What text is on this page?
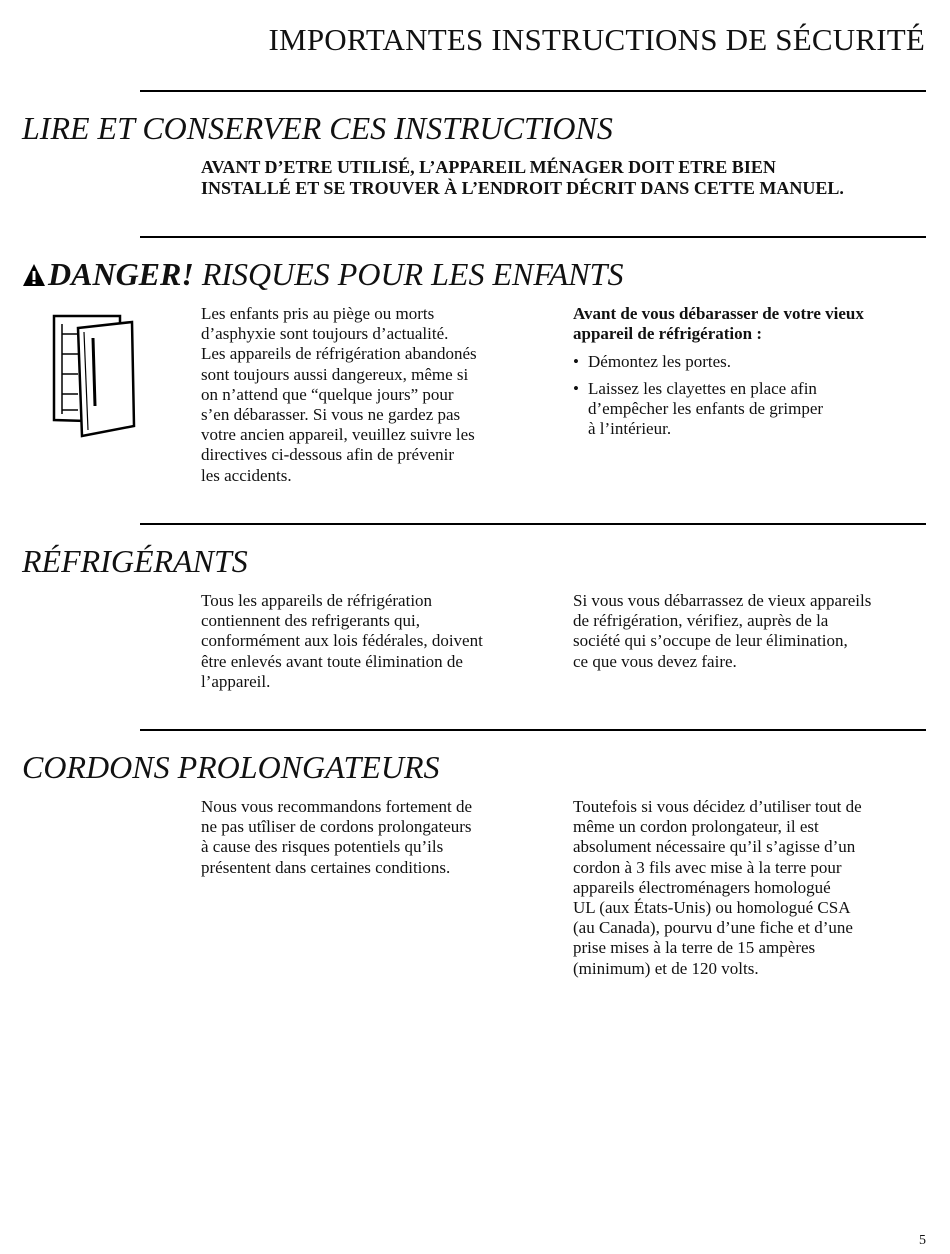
IMPORTANTES INSTRUCTIONS DE SÉCURITÉ
LIRE ET CONSERVER CES INSTRUCTIONS
AVANT D’ETRE UTILISÉ, L’APPAREIL MÉNAGER DOIT ETRE BIEN
INSTALLÉ ET SE TROUVER À L’ENDROIT DÉCRIT DANS CETTE MANUEL.
DANGER! RISQUES POUR LES ENFANTS

Les enfants pris au piège ou morts

d’asphyxie sont toujours d’actualité.

Les appareils de réfrigération abandonés

sont toujours aussi dangereux, même si

on n’attend que “quelque jours” pour

s’en débarasser. Si vous ne gardez pas

votre ancien appareil, veuillez suivre les

directives ci-dessous afin de prévenir

les accidents.

Avant de vous débarasser de votre vieux

appareil de réfrigération :

• Démontez les portes.
• Laissez les clayettes en place afin
d’empêcher les enfants de grimper
à l’intérieur.
RÉFRIGÉRANTS

Tous les appareils de réfrigération

contiennent des refrigerants qui,

conformément aux lois fédérales, doivent

être enlevés avant toute élimination de

l’appareil.

Si vous vous débarrassez de vieux appareils

de réfrigération, vérifiez, auprès de la

société qui s’occupe de leur élimination,

ce que vous devez faire.

CORDONS PROLONGATEURS

Nous vous recommandons fortement de

ne pas utîliser de cordons prolongateurs

à cause des risques potentiels qu’ils

présentent dans certaines conditions.

Toutefois si vous décidez d’utiliser tout de

même un cordon prolongateur, il est

absolument nécessaire qu’il s’agisse d’un

cordon à 3 fils avec mise à la terre pour

appareils électroménagers homologué

UL (aux États-Unis) ou homologué CSA

(au Canada), pourvu d’une fiche et d’une

prise mises à la terre de 15 ampères

(minimum) et de 120 volts.

5
